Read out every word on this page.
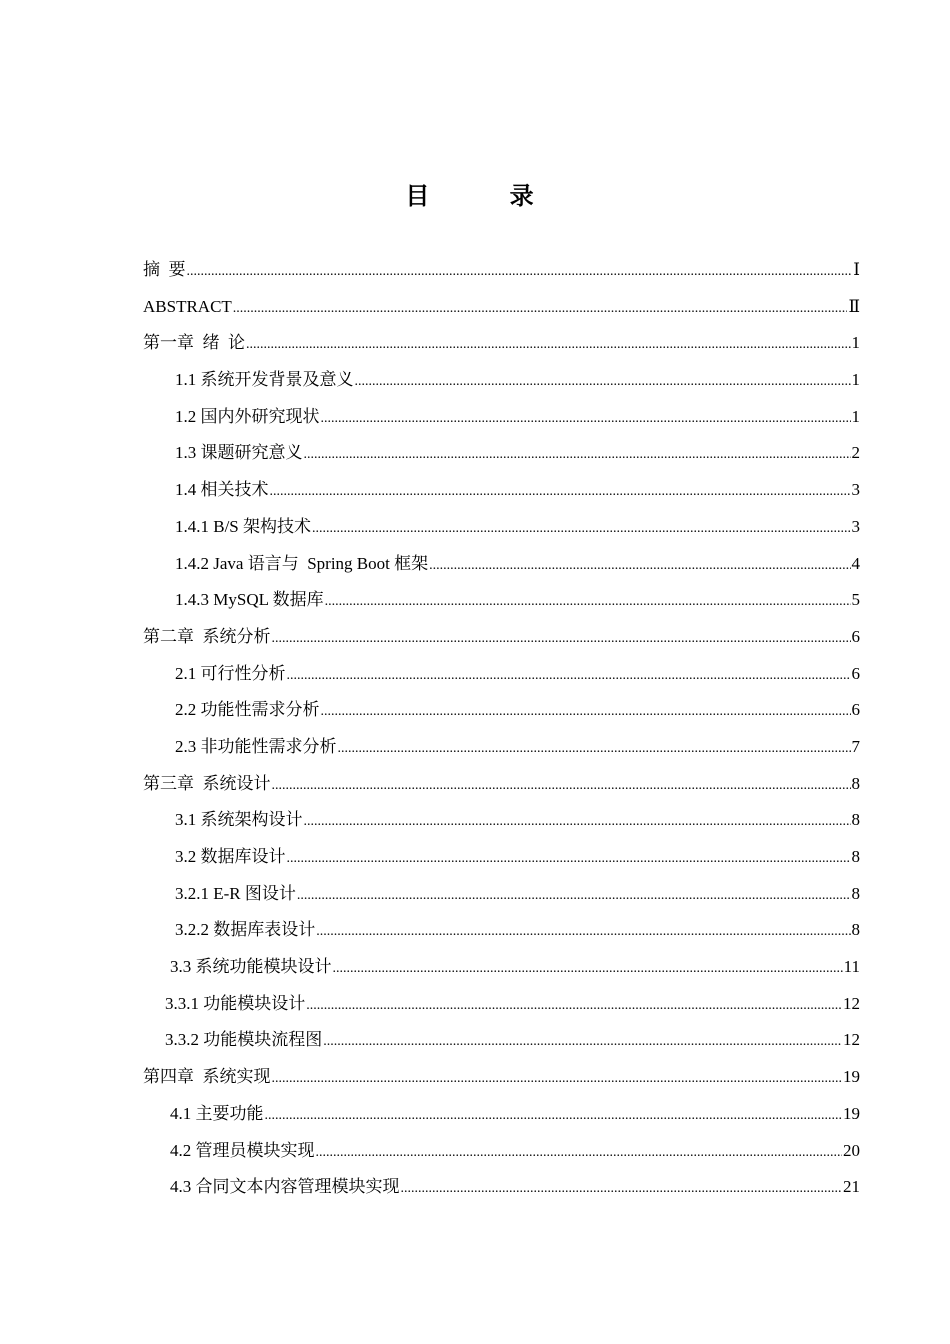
目 录
摘  要 .....	Ⅰ
ABSTRACT .....	Ⅱ
第一章  绪  论 .....	1
1.1 系统开发背景及意义 .....	1
1.2 国内外研究现状 .....	1
1.3 课题研究意义 .....	2
1.4 相关技术 .....	3
1.4.1 B/S 架构技术 .....	3
1.4.2 Java 语言与  Spring Boot 框架 .....	4
1.4.3 MySQL 数据库 .....	5
第二章  系统分析 .....	6
2.1 可行性分析 .....	6
2.2 功能性需求分析 .....	6
2.3 非功能性需求分析 .....	7
第三章  系统设计 .....	8
3.1 系统架构设计 .....	8
3.2 数据库设计 .....	8
3.2.1 E-R 图设计 .....	8
3.2.2 数据库表设计 .....	8
3.3 系统功能模块设计 .....	11
3.3.1 功能模块设计 .....	12
3.3.2 功能模块流程图 .....	12
第四章  系统实现 .....	19
4.1 主要功能 .....	19
4.2 管理员模块实现 .....	20
4.3 合同文本内容管理模块实现 .....	21
